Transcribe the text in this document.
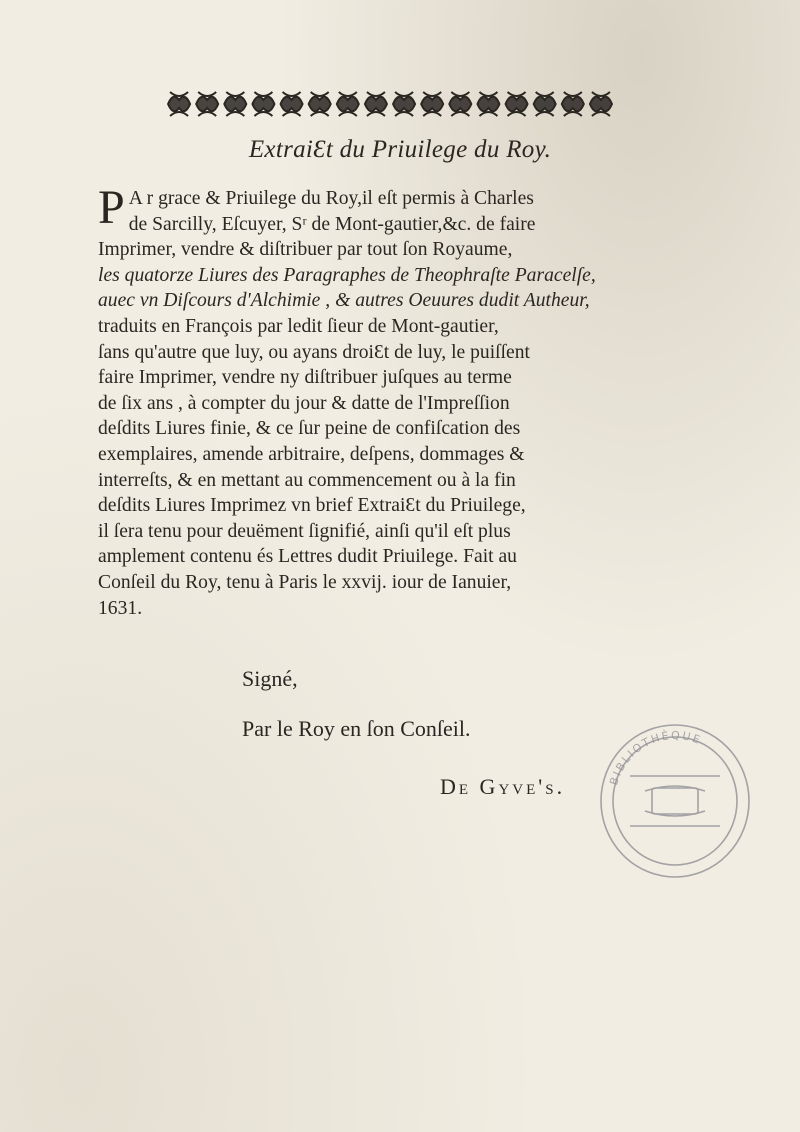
ExtraiƐt du Priuilege du Roy.
P A r grace & Priuilege du Roy,il eſt permis à Charles
de Sarcilly, Eſcuyer, Sʳ de Mont-gautier,&c. de faire
Imprimer, vendre & diſtribuer par tout ſon Royaume,
les quatorze Liures des Paragraphes de Theophraſte Paracelſe,
auec vn Diſcours d'Alchimie , & autres Oeuures dudit Autheur,
traduits en François par ledit ſieur de Mont-gautier,
ſans qu'autre que luy, ou ayans droiƐt de luy, le puiſſent
faire Imprimer, vendre ny diſtribuer juſques au terme
de ſix ans , à compter du jour & datte de l'Impreſſion
deſdits Liures finie, & ce ſur peine de confiſcation des
exemplaires, amende arbitraire, deſpens, dommages &
interreſts, & en mettant au commencement ou à la fin
deſdits Liures Imprimez vn brief ExtraiƐt du Priuilege,
il ſera tenu pour deuëment ſignifié, ainſi qu'il eſt plus
amplement contenu és Lettres dudit Priuilege. Fait au
Conſeil du Roy, tenu à Paris le xxvij. iour de Ianuier,
1631.
Signé,
Par le Roy en ſon Conſeil.
De Gyve's.	BIBLIOTHÈQUE
